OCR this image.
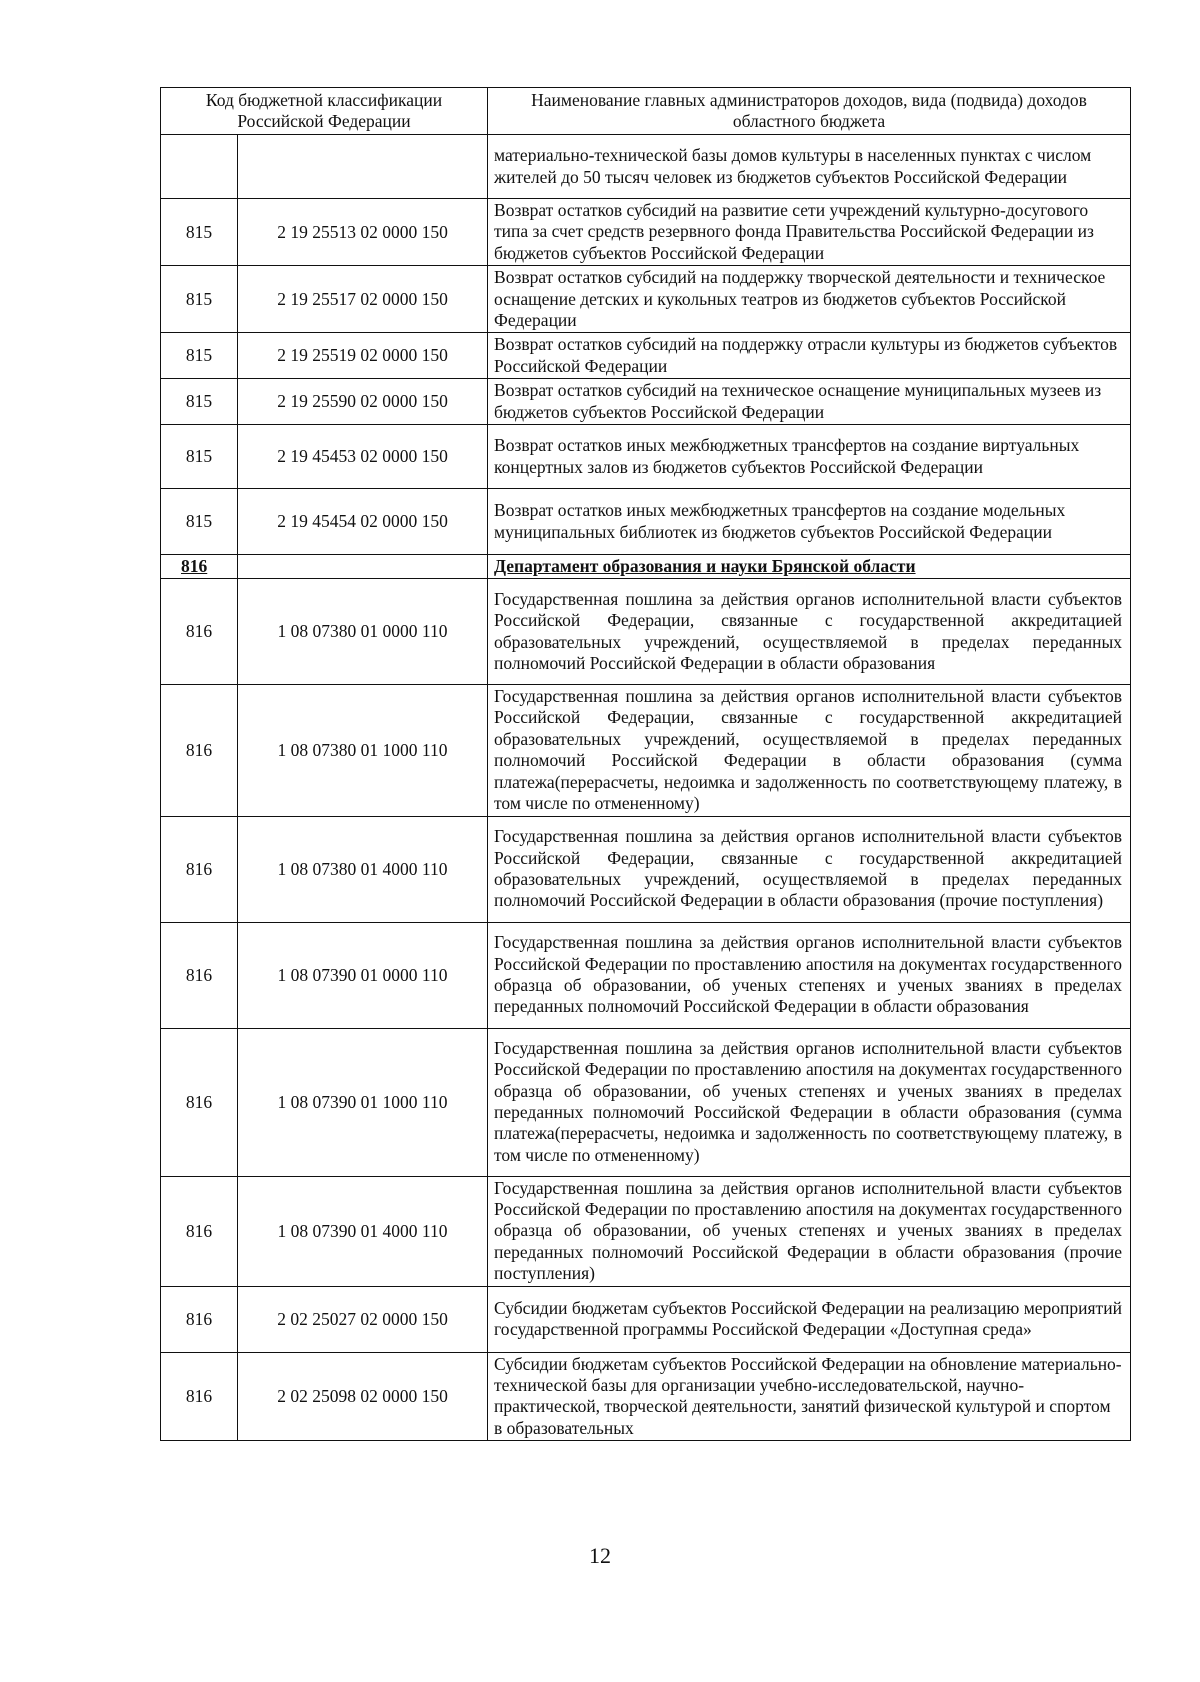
Код бюджетной классификации Российской Федерации		Наименование главных администраторов доходов, вида (подвида) доходов областного бюджета
		материально-технической базы домов культуры в населенных пунктах с числом жителей до 50 тысяч человек из бюджетов субъектов Российской Федерации
815	2 19 25513 02 0000 150	Возврат остатков субсидий на развитие сети учреждений культурно-досугового типа за счет средств резервного фонда Правительства Российской Федерации из бюджетов субъектов Российской Федерации
815	2 19 25517 02 0000 150	Возврат остатков субсидий на поддержку творческой деятельности и техническое оснащение детских и кукольных театров из бюджетов субъектов Российской Федерации
815	2 19 25519 02 0000 150	Возврат остатков субсидий на поддержку отрасли культуры из бюджетов субъектов Российской Федерации
815	2 19 25590 02 0000 150	Возврат остатков субсидий на техническое оснащение муниципальных музеев из бюджетов субъектов Российской Федерации
815	2 19 45453 02 0000 150	Возврат остатков иных межбюджетных трансфертов на создание виртуальных концертных залов из бюджетов субъектов Российской Федерации
815	2 19 45454 02 0000 150	Возврат остатков иных межбюджетных трансфертов на создание модельных муниципальных библиотек из бюджетов субъектов Российской Федерации
816		Департамент образования и науки Брянской области
816	1 08 07380 01 0000 110	Государственная пошлина за действия органов исполнительной власти субъектов Российской Федерации, связанные с государственной аккредитацией образовательных учреждений, осуществляемой в пределах переданных полномочий Российской Федерации в области образования
816	1 08 07380 01 1000 110	Государственная пошлина за действия органов исполнительной власти субъектов Российской Федерации, связанные с государственной аккредитацией образовательных учреждений, осуществляемой в пределах переданных полномочий Российской Федерации в области образования (сумма платежа(перерасчеты, недоимка и задолженность по соответствующему платежу, в том числе по отмененному)
816	1 08 07380 01 4000 110	Государственная пошлина за действия органов исполнительной власти субъектов Российской Федерации, связанные с государственной аккредитацией образовательных учреждений, осуществляемой в пределах переданных полномочий Российской Федерации в области образования (прочие поступления)
816	1 08 07390 01 0000 110	Государственная пошлина за действия органов исполнительной власти субъектов Российской Федерации по проставлению апостиля на документах государственного образца об образовании, об ученых степенях и ученых званиях в пределах переданных полномочий Российской Федерации в области образования
816	1 08 07390 01 1000 110	Государственная пошлина за действия органов исполнительной власти субъектов Российской Федерации по проставлению апостиля на документах государственного образца об образовании, об ученых степенях и ученых званиях в пределах переданных полномочий Российской Федерации в области образования (сумма платежа(перерасчеты, недоимка и задолженность по соответствующему платежу, в том числе по отмененному)
816	1 08 07390 01 4000 110	Государственная пошлина за действия органов исполнительной власти субъектов Российской Федерации по проставлению апостиля на документах государственного образца об образовании, об ученых степенях и ученых званиях в пределах переданных полномочий Российской Федерации в области образования (прочие поступления)
816	2 02 25027 02 0000 150	Субсидии бюджетам субъектов Российской Федерации на реализацию мероприятий государственной программы Российской Федерации «Доступная среда»
816	2 02 25098 02 0000 150	Субсидии бюджетам субъектов Российской Федерации на обновление материально-технической базы для организации учебно-исследовательской, научно-практической, творческой деятельности, занятий физической культурой и спортом в образовательных
12
